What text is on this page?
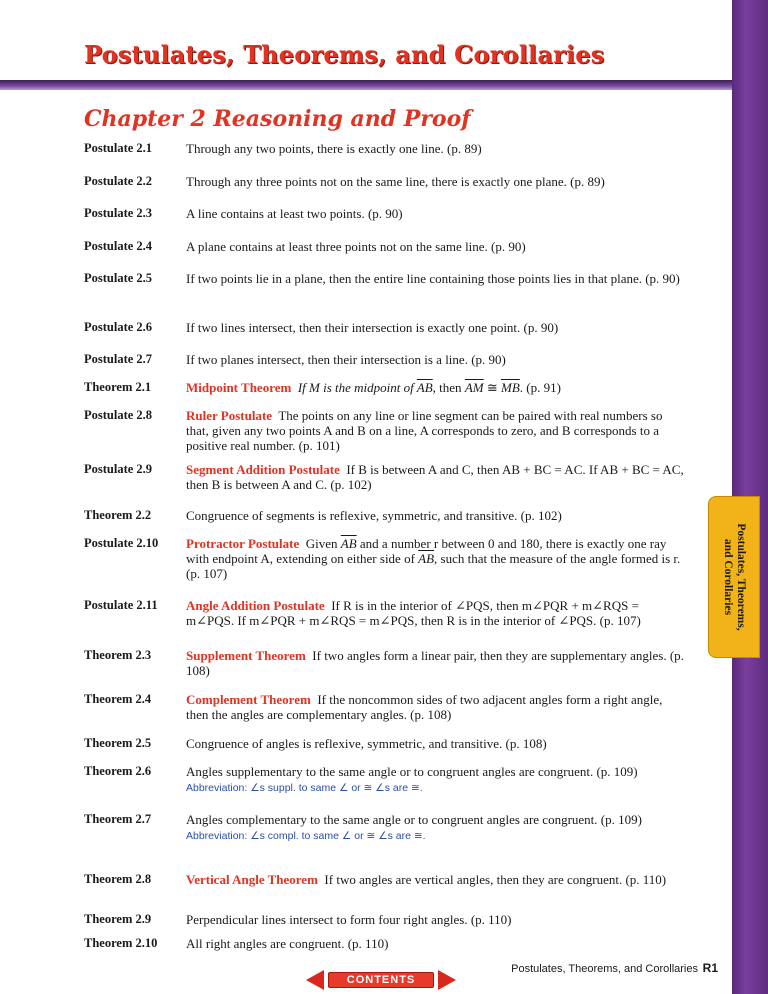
Postulates, Theorems,
and Corollaries
Postulates, Theorems, and Corollaries
Chapter 2 Reasoning and Proof
Postulate 2.1	Through any two points, there is exactly one line. (p. 89)
Postulate 2.2	Through any three points not on the same line, there is exactly one plane. (p. 89)
Postulate 2.3	A line contains at least two points. (p. 90)
Postulate 2.4	A plane contains at least three points not on the same line. (p. 90)
Postulate 2.5	If two points lie in a plane, then the entire line containing those points lies in that plane. (p. 90)
Postulate 2.6	If two lines intersect, then their intersection is exactly one point. (p. 90)
Postulate 2.7	If two planes intersect, then their intersection is a line. (p. 90)
Theorem 2.1	Midpoint Theorem If M is the midpoint of $\overline{AB}$, then $\overline{AM}$ ≅ $\overline{MB}$. (p. 91)
Postulate 2.8	Ruler Postulate The points on any line or line segment can be paired with real numbers so that, given any two points A and B on a line, A corresponds to zero, and B corresponds to a positive real number. (p. 101)
Postulate 2.9	Segment Addition Postulate If B is between A and C, then AB + BC = AC. If AB + BC = AC, then B is between A and C. (p. 102)
Theorem 2.2	Congruence of segments is reflexive, symmetric, and transitive. (p. 102)
Postulate 2.10	Protractor Postulate Given $\overline{AB}$ and a number r between 0 and 180, there is exactly one ray with endpoint A, extending on either side of $\overline{AB}$, such that the measure of the angle formed is r. (p. 107)
Postulate 2.11	Angle Addition Postulate If R is in the interior of ∠PQS, then m∠PQR + m∠RQS = m∠PQS. If m∠PQR + m∠RQS = m∠PQS, then R is in the interior of ∠PQS. (p. 107)
Theorem 2.3	Supplement Theorem If two angles form a linear pair, then they are supplementary angles. (p. 108)
Theorem 2.4	Complement Theorem If the noncommon sides of two adjacent angles form a right angle, then the angles are complementary angles. (p. 108)
Theorem 2.5	Congruence of angles is reflexive, symmetric, and transitive. (p. 108)
Theorem 2.6	Angles supplementary to the same angle or to congruent angles are congruent. (p. 109) Abbreviation: ∠s suppl. to same ∠ or ≅ ∠s are ≅.
Theorem 2.7	Angles complementary to the same angle or to congruent angles are congruent. (p. 109) Abbreviation: ∠s compl. to same ∠ or ≅ ∠s are ≅.
Theorem 2.8	Vertical Angle Theorem If two angles are vertical angles, then they are congruent. (p. 110)
Postulates, Theorems, and Corollaries R1
CONTENTS
Theorem 2.9	Perpendicular lines intersect to form four right angles. (p. 110)
Theorem 2.10	All right angles are congruent. (p. 110)
